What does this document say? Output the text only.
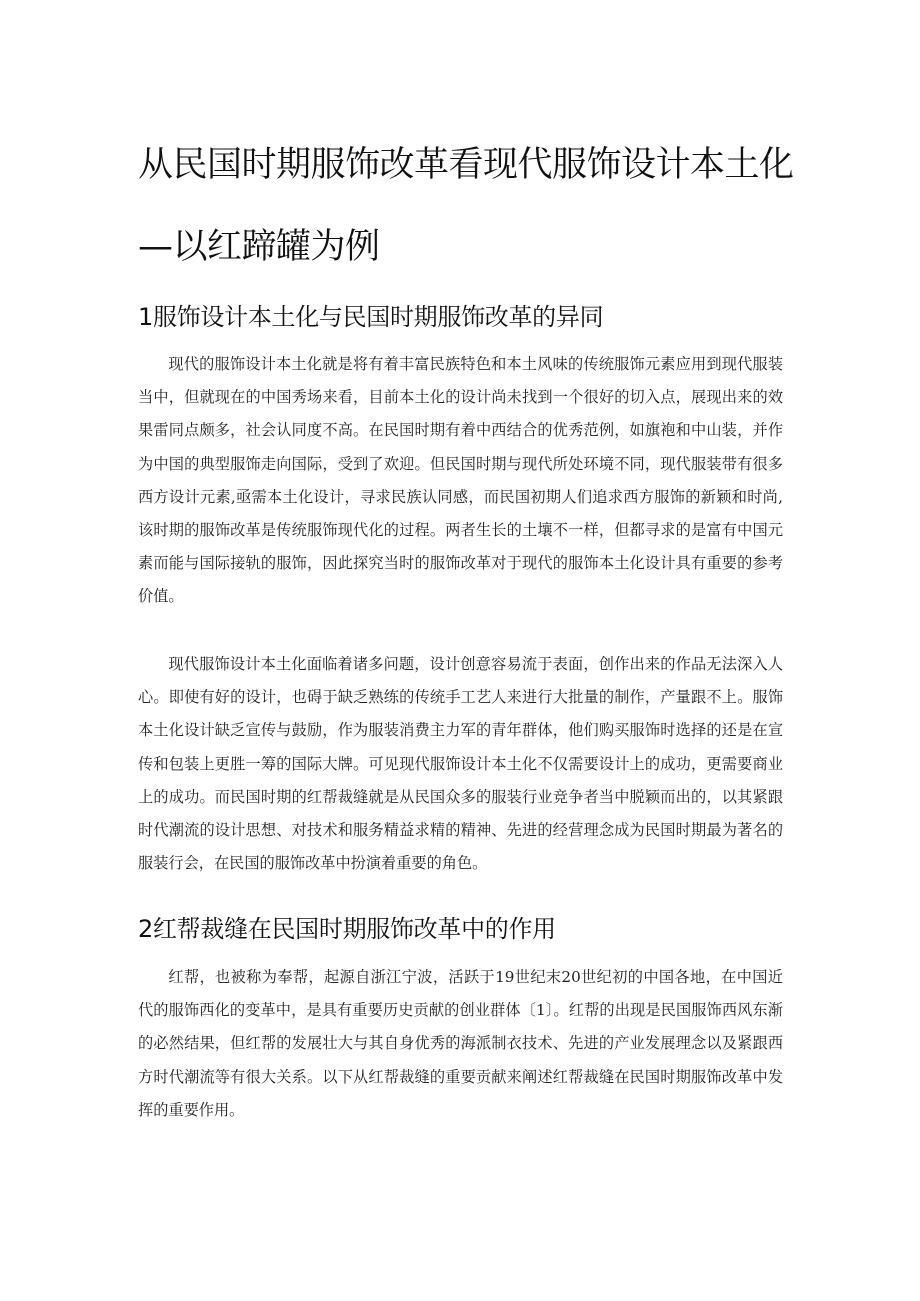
从民国时期服饰改革看现代服饰设计本土化
—以红蹄罐为例
1服饰设计本土化与民国时期服饰改革的异同

现代的服饰设计本土化就是将有着丰富民族特色和本土风味的传统服饰元素应用到现代服装当中，但就现在的中国秀场来看，目前本土化的设计尚未找到一个很好的切入点，展现出来的效果雷同点颇多，社会认同度不高。在民国时期有着中西结合的优秀范例，如旗袍和中山装，并作为中国的典型服饰走向国际，受到了欢迎。但民国时期与现代所处环境不同，现代服装带有很多西方设计元素,亟需本土化设计，寻求民族认同感，而民国初期人们追求西方服饰的新颖和时尚,该时期的服饰改革是传统服饰现代化的过程。两者生长的土壤不一样，但都寻求的是富有中国元素而能与国际接轨的服饰，因此探究当时的服饰改革对于现代的服饰本土化设计具有重要的参考价值。

现代服饰设计本土化面临着诸多问题，设计创意容易流于表面，创作出来的作品无法深入人心。即使有好的设计，也碍于缺乏熟练的传统手工艺人来进行大批量的制作，产量跟不上。服饰本土化设计缺乏宣传与鼓励，作为服装消费主力军的青年群体，他们购买服饰时选择的还是在宣传和包装上更胜一筹的国际大牌。可见现代服饰设计本土化不仅需要设计上的成功，更需要商业上的成功。而民国时期的红帮裁缝就是从民国众多的服装行业竞争者当中脱颖而出的，以其紧跟时代潮流的设计思想、对技术和服务精益求精的精神、先进的经营理念成为民国时期最为著名的服装行会，在民国的服饰改革中扮演着重要的角色。

2红帮裁缝在民国时期服饰改革中的作用

红帮，也被称为奉帮，起源自浙江宁波，活跃于19世纪末20世纪初的中国各地，在中国近代的服饰西化的变革中，是具有重要历史贡献的创业群体〔1〕。红帮的出现是民国服饰西风东渐的必然结果，但红帮的发展壮大与其自身优秀的海派制衣技术、先进的产业发展理念以及紧跟西方时代潮流等有很大关系。以下从红帮裁缝的重要贡献来阐述红帮裁缝在民国时期服饰改革中发挥的重要作用。
